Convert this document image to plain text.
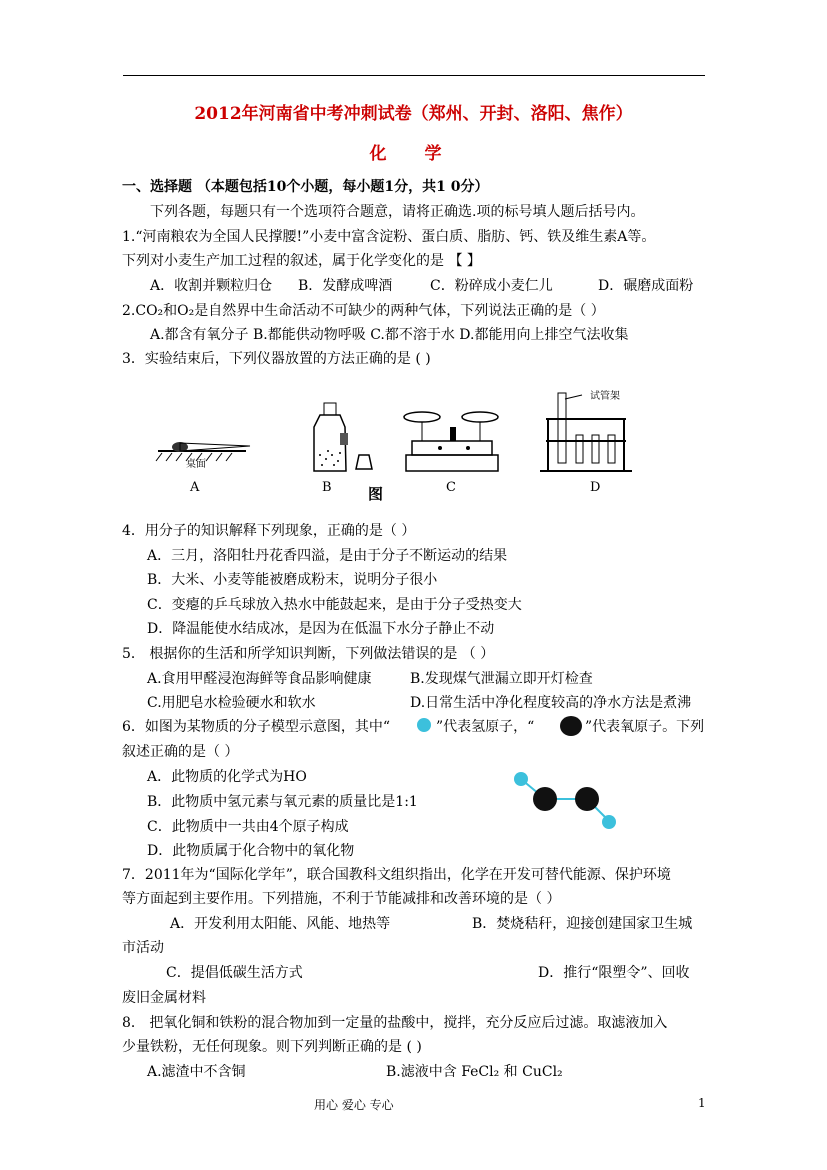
2012年河南省中考冲刺试卷（郑州、开封、洛阳、焦作）
化 学
一、选择题 （本题包括10个小题，每小题1分，共1 0分）
下列各题，每题只有一个选项符合题意，请将正确选.项的标号填人题后括号内。
1.“河南粮农为全国人民撑腰!”小麦中富含淀粉、蛋白质、脂肪、钙、铁及维生素A等。
下列对小麦生产加工过程的叙述，属于化学变化的是 【 】
A．收割并颗粒归仓 B．发酵成啤酒	C．粉碎成小麦仁儿	D．碾磨成面粉
2.CO₂和O₂是自然界中生命活动不可缺少的两种气体，下列说法正确的是（ ）
A.都含有氧分子 B.都能供动物呼吸 C.都不溶于水 D.都能用向上排空气法收集
3．实验结束后，下列仪器放置的方法正确的是 ( )
桌面
试管架
A	B	C	D
图
4．用分子的知识解释下列现象，正确的是（ ）
A．三月，洛阳牡丹花香四溢，是由于分子不断运动的结果
B．大米、小麦等能被磨成粉末，说明分子很小
C．变瘪的乒乓球放入热水中能鼓起来，是由于分子受热变大
D．降温能使水结成冰，是因为在低温下水分子静止不动
5． 根据你的生活和所学知识判断，下列做法错误的是 （ ）
A.食用甲醛浸泡海鲜等食品影响健康	B.发现煤气泄漏立即开灯检查
C.用肥皂水检验硬水和软水	D.日常生活中净化程度较高的净水方法是煮沸
6．如图为某物质的分子模型示意图，其中“	”代表氢原子，“	”代表氧原子。下列
叙述正确的是（ ）
A．此物质的化学式为HO
B．此物质中氢元素与氧元素的质量比是1:1
C．此物质中一共由4个原子构成
D．此物质属于化合物中的氧化物
7．2011年为“国际化学年”，联合国教科文组织指出，化学在开发可替代能源、保护环境
等方面起到主要作用。下列措施，不利于节能减排和改善环境的是（ ）
A．开发利用太阳能、风能、地热等	B．焚烧秸秆，迎接创建国家卫生城
市活动
C．提倡低碳生活方式	D．推行“限塑令”、回收
废旧金属材料
8． 把氧化铜和铁粉的混合物加到一定量的盐酸中，搅拌，充分反应后过滤。取滤液加入
少量铁粉，无任何现象。则下列判断正确的是 ( )
A.滤渣中不含铜	B.滤液中含 FeCl₂ 和 CuCl₂
用心 爱心 专心	1
